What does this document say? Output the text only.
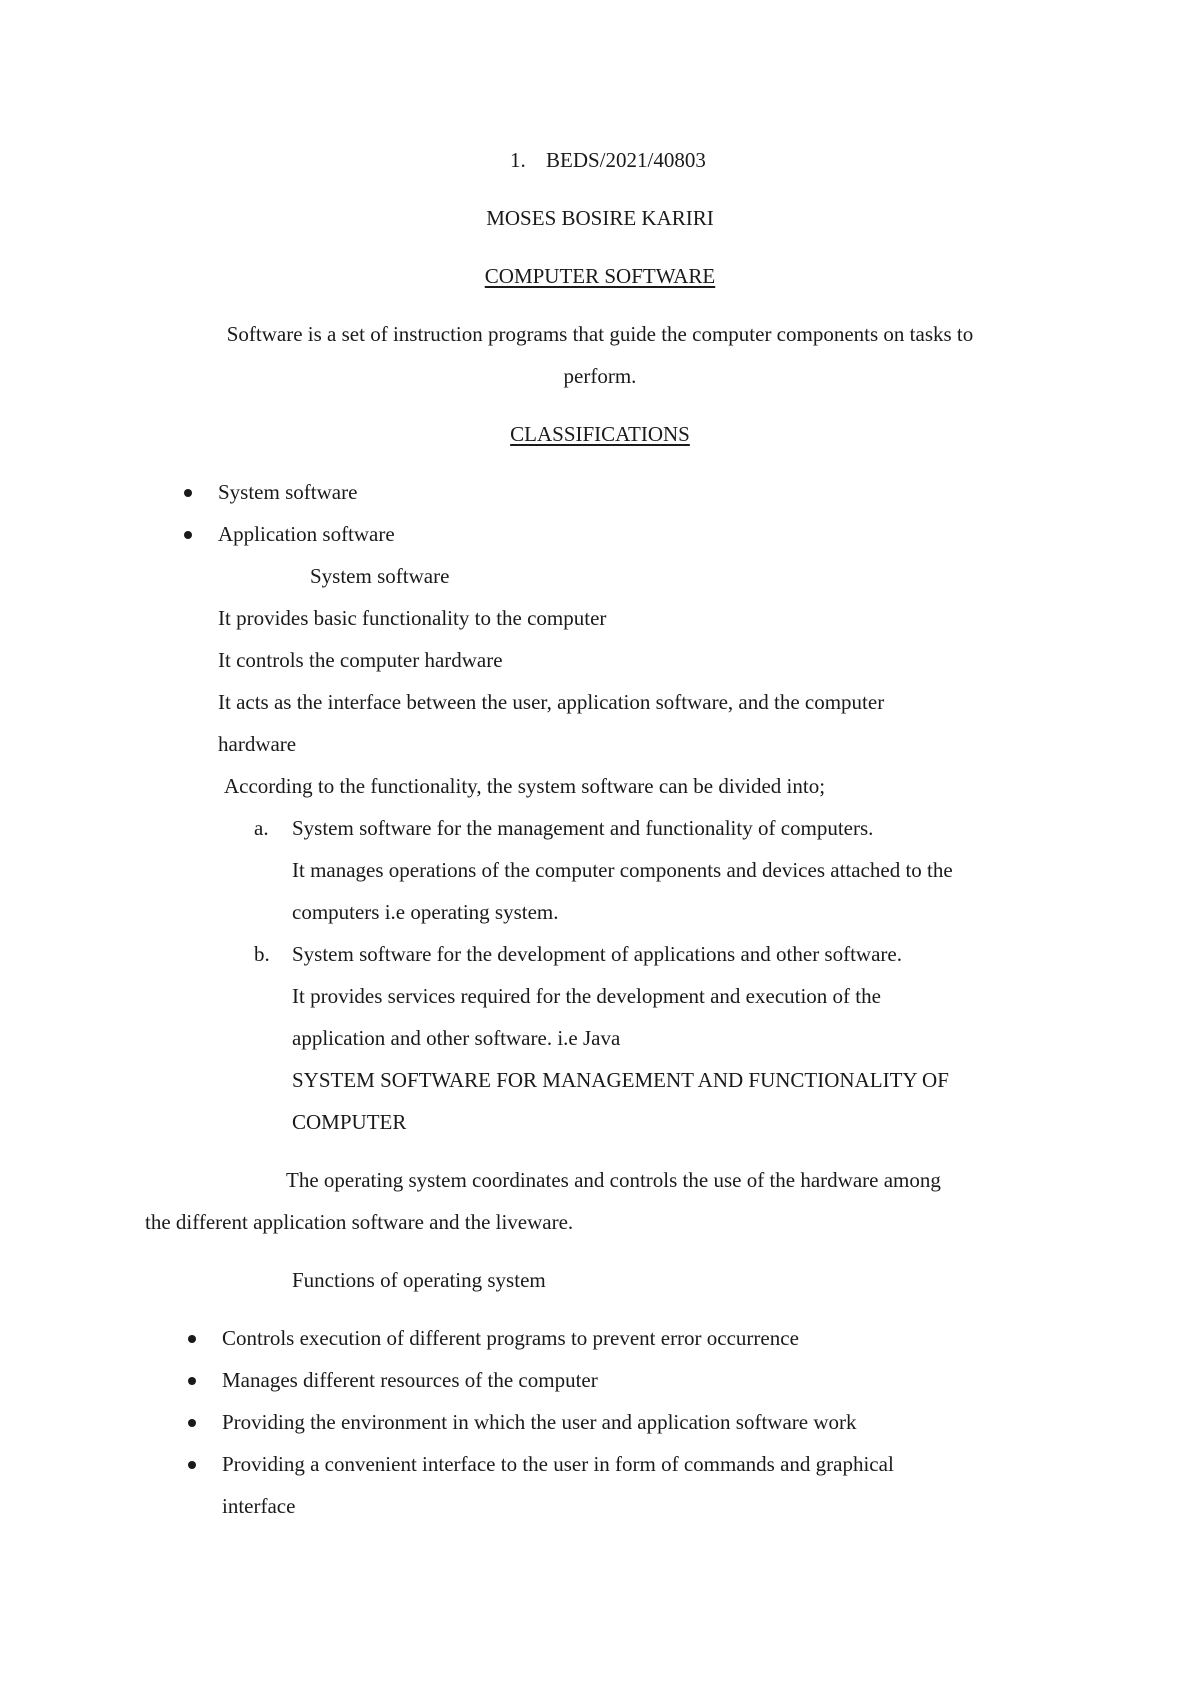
1. BEDS/2021/40803
MOSES BOSIRE KARIRI
COMPUTER SOFTWARE
Software is a set of instruction programs that guide the computer components on tasks to
perform.
CLASSIFICATIONS
System software
Application software
System software
It provides basic functionality to the computer
It controls the computer hardware
It acts as the interface between the user, application software, and the computer
hardware
According to the functionality, the system software can be divided into;
a. System software for the management and functionality of computers.
It manages operations of the computer components and devices attached to the
computers i.e operating system.
b. System software for the development of applications and other software.
It provides services required for the development and execution of the
application and other software. i.e Java
SYSTEM SOFTWARE FOR MANAGEMENT AND FUNCTIONALITY OF
COMPUTER
The operating system coordinates and controls the use of the hardware among
the different application software and the liveware.
Functions of operating system
Controls execution of different programs to prevent error occurrence
Manages different resources of the computer
Providing the environment in which the user and application software work
Providing a convenient interface to the user in form of commands and graphical
interface
